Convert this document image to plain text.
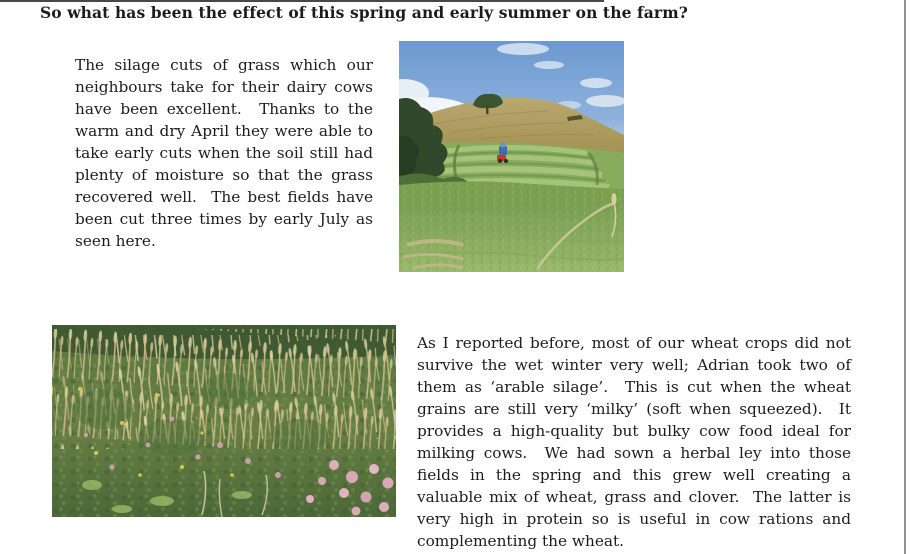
So what has been the effect of this spring and early summer on the farm?

The silage cuts of grass which our neighbours take for their dairy cows have been excellent.  Thanks to the warm and dry April they were able to take early cuts when the soil still had plenty of moisture so that the grass recovered well.  The best fields have been cut three times by early July as seen here.

As I reported before, most of our wheat crops did not survive the wet winter very well; Adrian took two of them as ‘arable silage’.  This is cut when the wheat grains are still very ‘milky’ (soft when squeezed).  It provides a high-quality but bulky cow food ideal for milking cows.  We had sown a herbal ley into those fields in the spring and this grew well creating a valuable mix of wheat, grass and clover.  The latter is very high in protein so is useful in cow rations and complementing the wheat.
